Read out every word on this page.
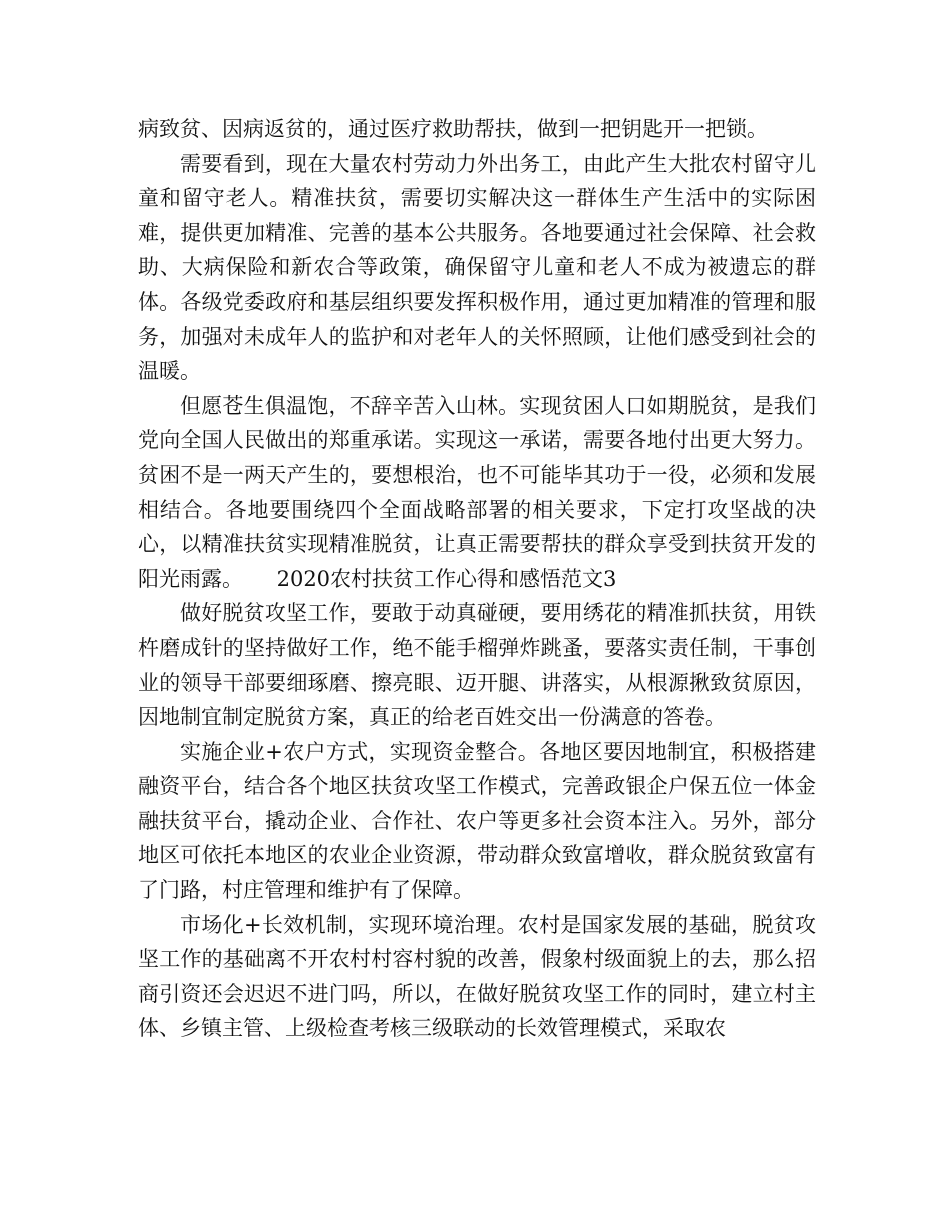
病致贫、因病返贫的，通过医疗救助帮扶，做到一把钥匙开一把锁。

需要看到，现在大量农村劳动力外出务工，由此产生大批农村留守儿童和留守老人。精准扶贫，需要切实解决这一群体生产生活中的实际困难，提供更加精准、完善的基本公共服务。各地要通过社会保障、社会救助、大病保险和新农合等政策，确保留守儿童和老人不成为被遗忘的群体。各级党委政府和基层组织要发挥积极作用，通过更加精准的管理和服务，加强对未成年人的监护和对老年人的关怀照顾，让他们感受到社会的温暖。

但愿苍生俱温饱，不辞辛苦入山林。实现贫困人口如期脱贫，是我们党向全国人民做出的郑重承诺。实现这一承诺，需要各地付出更大努力。贫困不是一两天产生的，要想根治，也不可能毕其功于一役，必须和发展相结合。各地要围绕四个全面战略部署的相关要求，下定打攻坚战的决心，以精准扶贫实现精准脱贫，让真正需要帮扶的群众享受到扶贫开发的阳光雨露。 2020农村扶贫工作心得和感悟范文3

做好脱贫攻坚工作，要敢于动真碰硬，要用绣花的精准抓扶贫，用铁杵磨成针的坚持做好工作，绝不能手榴弹炸跳蚤，要落实责任制，干事创业的领导干部要细琢磨、擦亮眼、迈开腿、讲落实，从根源揪致贫原因，因地制宜制定脱贫方案，真正的给老百姓交出一份满意的答卷。

实施企业+农户方式，实现资金整合。各地区要因地制宜，积极搭建融资平台，结合各个地区扶贫攻坚工作模式，完善政银企户保五位一体金融扶贫平台，撬动企业、合作社、农户等更多社会资本注入。另外，部分地区可依托本地区的农业企业资源，带动群众致富增收，群众脱贫致富有了门路，村庄管理和维护有了保障。

市场化+长效机制，实现环境治理。农村是国家发展的基础，脱贫攻坚工作的基础离不开农村村容村貌的改善，假象村级面貌上的去，那么招商引资还会迟迟不进门吗，所以，在做好脱贫攻坚工作的同时，建立村主体、乡镇主管、上级检查考核三级联动的长效管理模式，采取农
